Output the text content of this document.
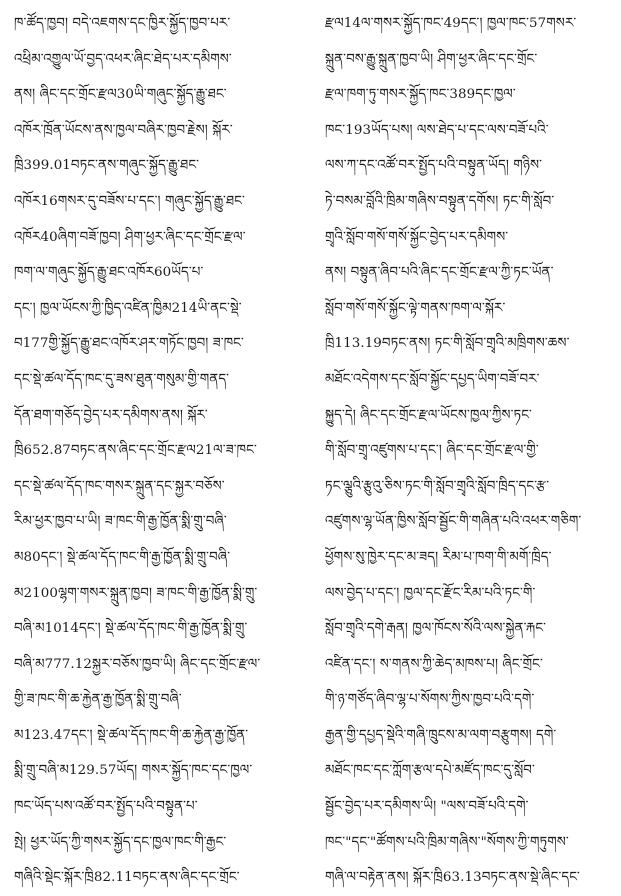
ཁ་ཚོད་ཁྱབ། བདེ་འཇགས་དང་ཁྱིར་སྐྱོད་ཁྱབ་པར་
འཕྲིམ་འགྱུལ་ཡོ་བྱད་འཕར་ཞིང་ཐེད་པར་དམིགས་
ནས། ཞིང་དང་གྲོང་རྫལ30ཡི་གཞུང་སྐྱོད་རྒྱུ་ཐང་
འཁོར་ཁྲོན་ཡོངས་ནས་ཁྱལ་བཞིར་ཁྱབ་རྗེས། སྐོར་
ཁྲི399.01བཏང་ནས་གཞུང་སྐྱོད་རྒྱུ་ཐང་
འཁོར16གསར་དུ་བཟོས་པ་དང་། གཞུང་སྐྱོད་རྒྱུ་ཐང་
འཁོར40ཞིག་བཟོ་ཁྱབ། ཤིག་ཕྱར་ཞིང་དང་གྲོང་རྫལ་
ཁག་ལ་གཞུང་སྐྱོད་རྒྱུ་ཐང་འཁོར60ཡོད་པ་
དང་། ཁྱལ་ཡོངས་ཀྱི་ཁྱིད་འཛིན་ཁྱིམ214ཡི་ནང་སྡེ་
བ177གྱི་སྐྱོད་རྒྱུ་ཐང་འཁོར་ཤར་གཏོང་ཁྱབ། ཟ་ཁང་
དང་སྡེ་ཚལ་དོད་ཁང་དུ་ཟས་ཐུན་གསུམ་གྱི་གནད་
དོན་ཐག་གཅོད་བྱེད་པར་དམིགས་ནས། སྐོར་
ཁྲི652.87བཏང་ནས་ཞིང་དང་གྲོང་རྫལ21ལ་ཟ་ཁང་
དང་སྡེ་ཚལ་དོད་ཁང་གསར་སྐྲུན་དང་སྐྱར་བཅོས་
རིམ་ཕྱར་ཁྱབ་པ་ཡི། ཟ་ཁང་གི་རྒྱ་ཁྱོན་སྨི་གྲུ་བཞི་
མ80དང་། སྡེ་ཚལ་དོད་ཁང་གི་རྒྱ་ཁྱོན་སྨི་གྲུ་བཞི་
མ2100ལྷག་གསར་སྐྲུན་ཁྱབ། ཟ་ཁང་གི་རྒྱ་ཁྱོན་སྨི་གྲུ་
བཞི་མ1014དང་། སྡེ་ཚལ་དོད་ཁང་གི་རྒྱ་ཁྱོན་སྨི་གྲུ་
བཞི་མ777.12སྐྱར་བཅོས་ཁྱབ་ཡི། ཞིང་དང་གྲོང་རྫལ་
གྱི་ཟ་ཁང་གི་ཆ་རྐྱེན་རྒྱ་ཁྱོན་སྨི་གྲུ་བཞི་
མ123.47དང་། སྡེ་ཚལ་དོད་ཁང་གི་ཆ་རྐྱེན་རྒྱ་ཁྱོན་
སྨི་གྲུ་བཞི་མ129.57ཡོད། གསར་སྐྱོད་ཁང་དང་ཁྱལ་
ཁང་ཡོད་པས་འཚོ་བར་སྤྱོད་པའི་བསྟུན་པ་
སྤེ། ཕྱར་ཡོད་ཀྱི་གསར་སྐྱོད་དང་ཁྱལ་ཁང་གི་རྒྱང་
གཞིའི་སྡེང་སྐོར་ཁྲི82.11བཏང་ནས་ཞིང་དང་གྲོང་
རྫལ14ལ་གསར་སྐྱོད་ཁང་49དང་། ཁྱལ་ཁང་57གསར་
སྐྲུན་བས་རྒྱུ་སྐྲུན་ཁྱབ་ཡི། ཤིག་ཕྱར་ཞིང་དང་གྲོང་
རྫལ་ཁག་ཏུ་གསར་སྐྱོད་ཁང་389དང་ཁྱལ་
ཁང་193ཡོད་པས། ལས་ཐེད་པ་དང་ལས་བཟོ་པའི་
ལས་ཀ་དང་འཚོ་བར་སྤྱོད་པའི་བསྟུན་ཡོད། གཉིས་
ཏེ་བསམ་བློའི་ཁྲིམ་གཞིས་བསྟུན་དགོས། ཏང་གི་སློབ་
གྲྭའི་སློབ་གསོ་གསོ་སྐྱོང་བྱེད་པར་དམིགས་
ནས། བསྟུན་ཞིབ་པའི་ཞིང་དང་གྲོང་རྫལ་ཀྱི་ཏང་ཡོན་
སློབ་གསོ་གསོ་སྐྱོང་ལྟེ་གནས་ཁག་ལ་སྐོར་
ཁྲི113.19བཏང་ནས། ཏང་གི་སློབ་གྲྭའི་མཁྲིགས་ཆས་
མཐོང་འདེགས་དང་སློབ་སྐྱོང་དཔྱད་ཡིག་བཟོ་བར་
སྐྱུད་དེ། ཞིང་དང་གྲོང་རྫལ་ཡོངས་ཁྱལ་ཀྱིས་ཏང་
གི་སློབ་གྲྭ་འཛུགས་པ་དང་། ཞིང་དང་གྲོང་རྫལ་གྱི་
ཏང་ལྕུའི་རྩུའུ་ཅིས་ཏང་གི་སློབ་གྲྭའི་སློབ་ཁྲིད་དང་རྩ་
འཛུགས་ལྷ་ཡོན་ཁྱིས་སློབ་སྦྱོང་གི་གཞིན་པའི་འཕར་གཅིག་
ཕྱོགས་སུ་ཁྱེར་དང་མ་ཟད། རིམ་པ་ཁག་གི་མགོ་ཁྲིད་
ལས་བྱེད་པ་དང་། ཁྱལ་དང་རྫོང་རིམ་པའི་ཏང་གི་
སློབ་གྲྭའི་དགེ་རྒན། ཁྱལ་ཁོངས་སོའི་ལས་སྐྱེན་རྐང་
འཛིན་དང་། ས་གནས་ཀྱི་ཆེད་མཁས་པ། ཞིང་གྲོང་
གི་ཉ་གཙོད་ཞིབ་ལྷ་པ་སོགས་ཀྱིས་ཁྱབ་པའི་དགེ་
རྒྱན་གྱི་དཔྱད་སྡེའི་གཞི་ཁྲུངས་མ་ལག་བརྩུགས། དགེ་
མཐོང་ཁང་དང་ཀློག་རྩལ་དཔེ་མཛོད་ཁང་དུ་སློབ་
སྦྱོང་བྱེད་པར་དམིགས་ཡི། "ལས་བཟོ་པའི་དགེ་
ཁང་"དང་"ཚོགས་པའི་ཁྲིམ་གཞིས་"སོགས་ཀྱི་གཏུགས་
གཞི་ལ་བརྟེན་ནས། སྐོར་ཁྲི63.13བཏང་ནས་སྡེ་ཞིང་དང་
